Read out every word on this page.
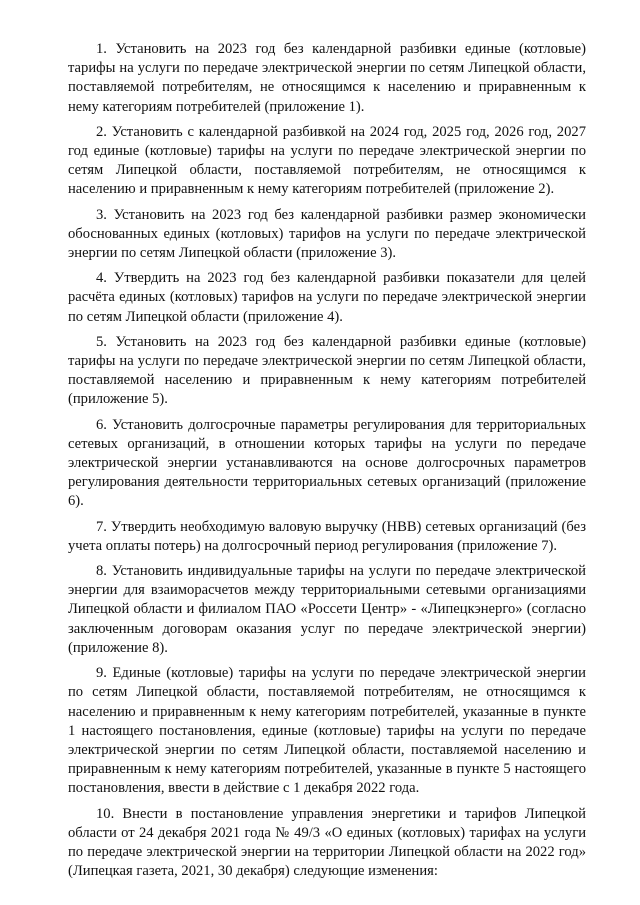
1. Установить на 2023 год без календарной разбивки единые (котловые) тарифы на услуги по передаче электрической энергии по сетям Липецкой области, поставляемой потребителям, не относящимся к населению и приравненным к нему категориям потребителей (приложение 1).

2. Установить с календарной разбивкой на 2024 год, 2025 год, 2026 год, 2027 год единые (котловые) тарифы на услуги по передаче электрической энергии по сетям Липецкой области, поставляемой потребителям, не относящимся к населению и приравненным к нему категориям потребителей (приложение 2).

3. Установить на 2023 год без календарной разбивки размер экономически обоснованных единых (котловых) тарифов на услуги по передаче электрической энергии по сетям Липецкой области (приложение 3).

4. Утвердить на 2023 год без календарной разбивки показатели для целей расчёта единых (котловых) тарифов на услуги по передаче электрической энергии по сетям Липецкой области (приложение 4).

5. Установить на 2023 год без календарной разбивки единые (котловые) тарифы на услуги по передаче электрической энергии по сетям Липецкой области, поставляемой населению и приравненным к нему категориям потребителей (приложение 5).

6. Установить долгосрочные параметры регулирования для территориальных сетевых организаций, в отношении которых тарифы на услуги по передаче электрической энергии устанавливаются на основе долгосрочных параметров регулирования деятельности территориальных сетевых организаций (приложение 6).

7. Утвердить необходимую валовую выручку (НВВ) сетевых организаций (без учета оплаты потерь) на долгосрочный период регулирования (приложение 7).

8. Установить индивидуальные тарифы на услуги по передаче электрической энергии для взаиморасчетов между территориальными сетевыми организациями Липецкой области и филиалом ПАО «Россети Центр» - «Липецкэнерго» (согласно заключенным договорам оказания услуг по передаче электрической энергии) (приложение 8).

9. Единые (котловые) тарифы на услуги по передаче электрической энергии по сетям Липецкой области, поставляемой потребителям, не относящимся к населению и приравненным к нему категориям потребителей, указанные в пункте 1 настоящего постановления, единые (котловые) тарифы на услуги по передаче электрической энергии по сетям Липецкой области, поставляемой населению и приравненным к нему категориям потребителей, указанные в пункте 5 настоящего постановления, ввести в действие с 1 декабря 2022 года.

10. Внести в постановление управления энергетики и тарифов Липецкой области от 24 декабря 2021 года № 49/3 «О единых (котловых) тарифах на услуги по передаче электрической энергии на территории Липецкой области на 2022 год» (Липецкая газета, 2021, 30 декабря) следующие изменения:
